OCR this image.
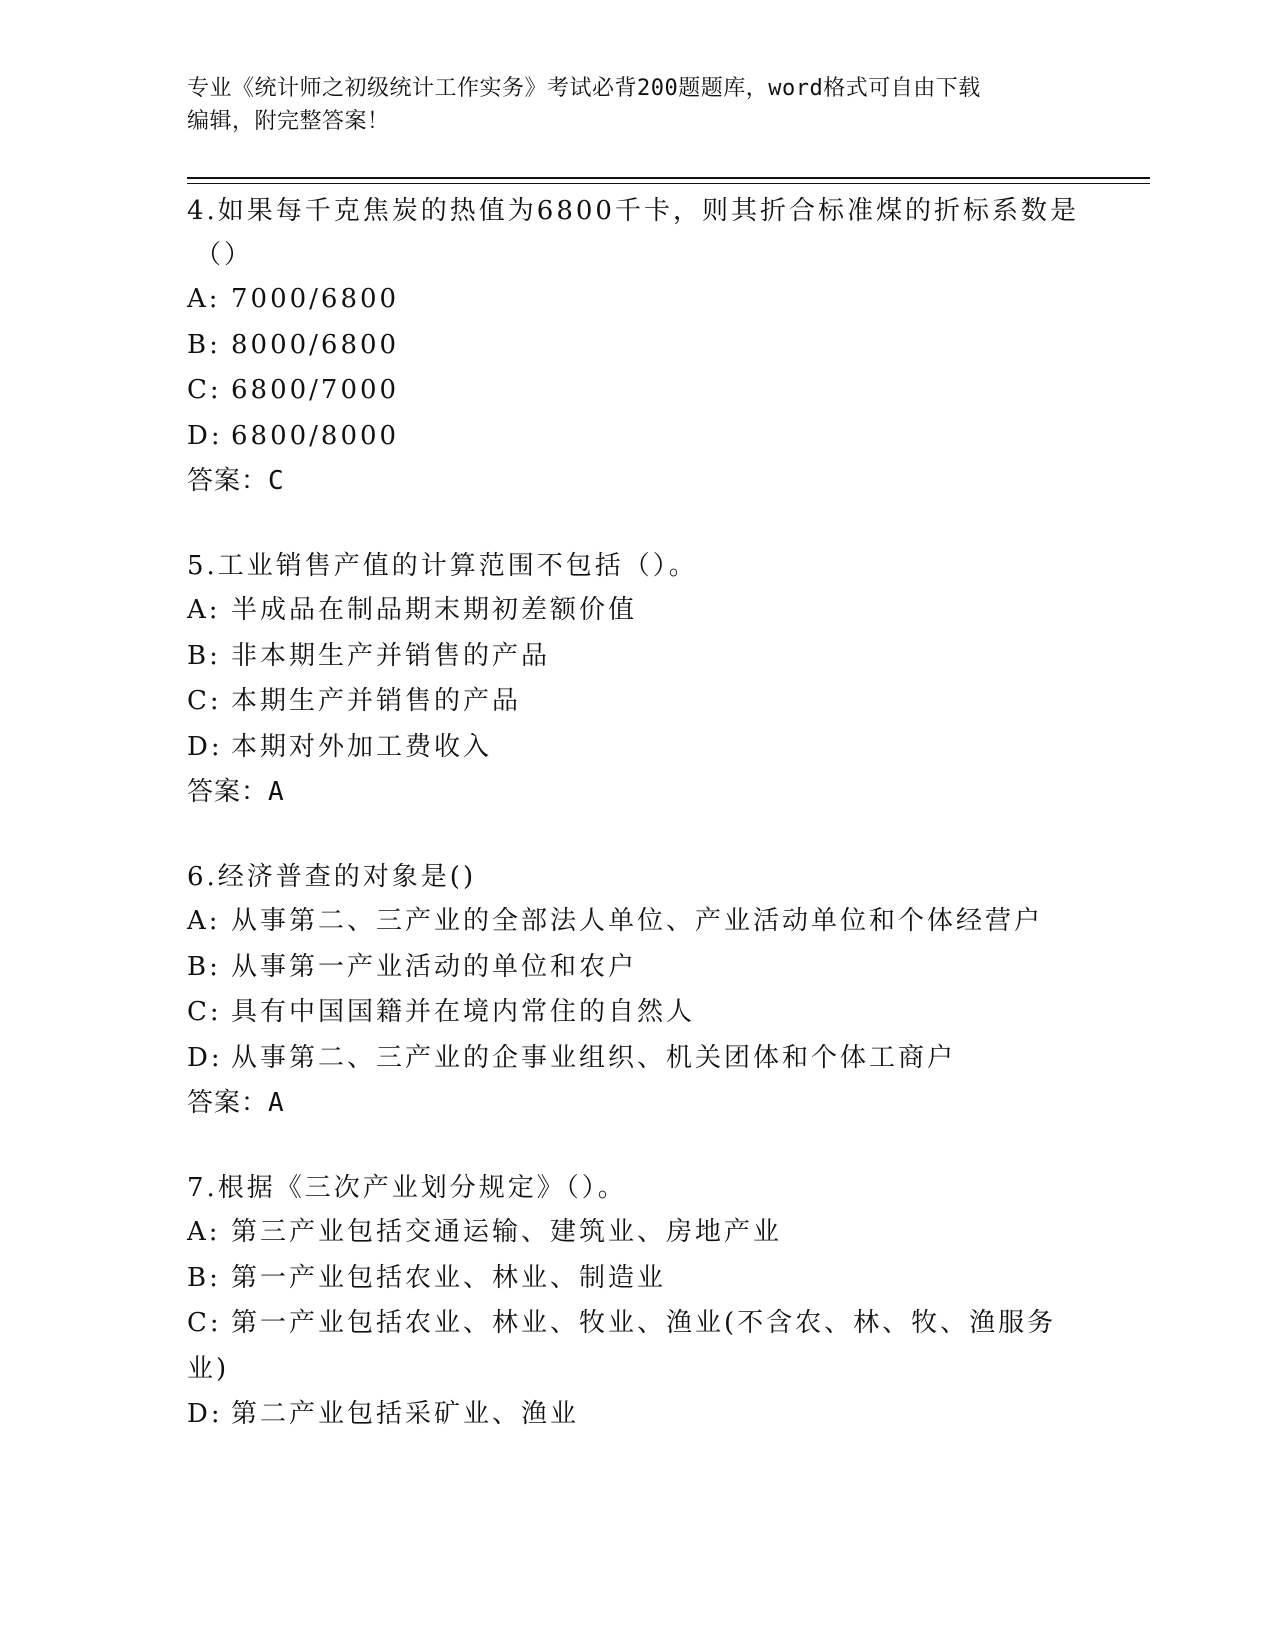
专业《统计师之初级统计工作实务》考试必背200题题库，word格式可自由下载
编辑，附完整答案！
4.如果每千克焦炭的热值为6800千卡，则其折合标准煤的折标系数是
（）
A: 7000/6800
B: 8000/6800
C: 6800/7000
D: 6800/8000
答案：C
5.工业销售产值的计算范围不包括（）。
A: 半成品在制品期末期初差额价值
B: 非本期生产并销售的产品
C: 本期生产并销售的产品
D: 本期对外加工费收入
答案：A
6.经济普查的对象是()
A: 从事第二、三产业的全部法人单位、产业活动单位和个体经营户
B: 从事第一产业活动的单位和农户
C: 具有中国国籍并在境内常住的自然人
D: 从事第二、三产业的企事业组织、机关团体和个体工商户
答案：A
7.根据《三次产业划分规定》（）。
A: 第三产业包括交通运输、建筑业、房地产业
B: 第一产业包括农业、林业、制造业
C: 第一产业包括农业、林业、牧业、渔业(不含农、林、牧、渔服务业)
D: 第二产业包括采矿业、渔业
